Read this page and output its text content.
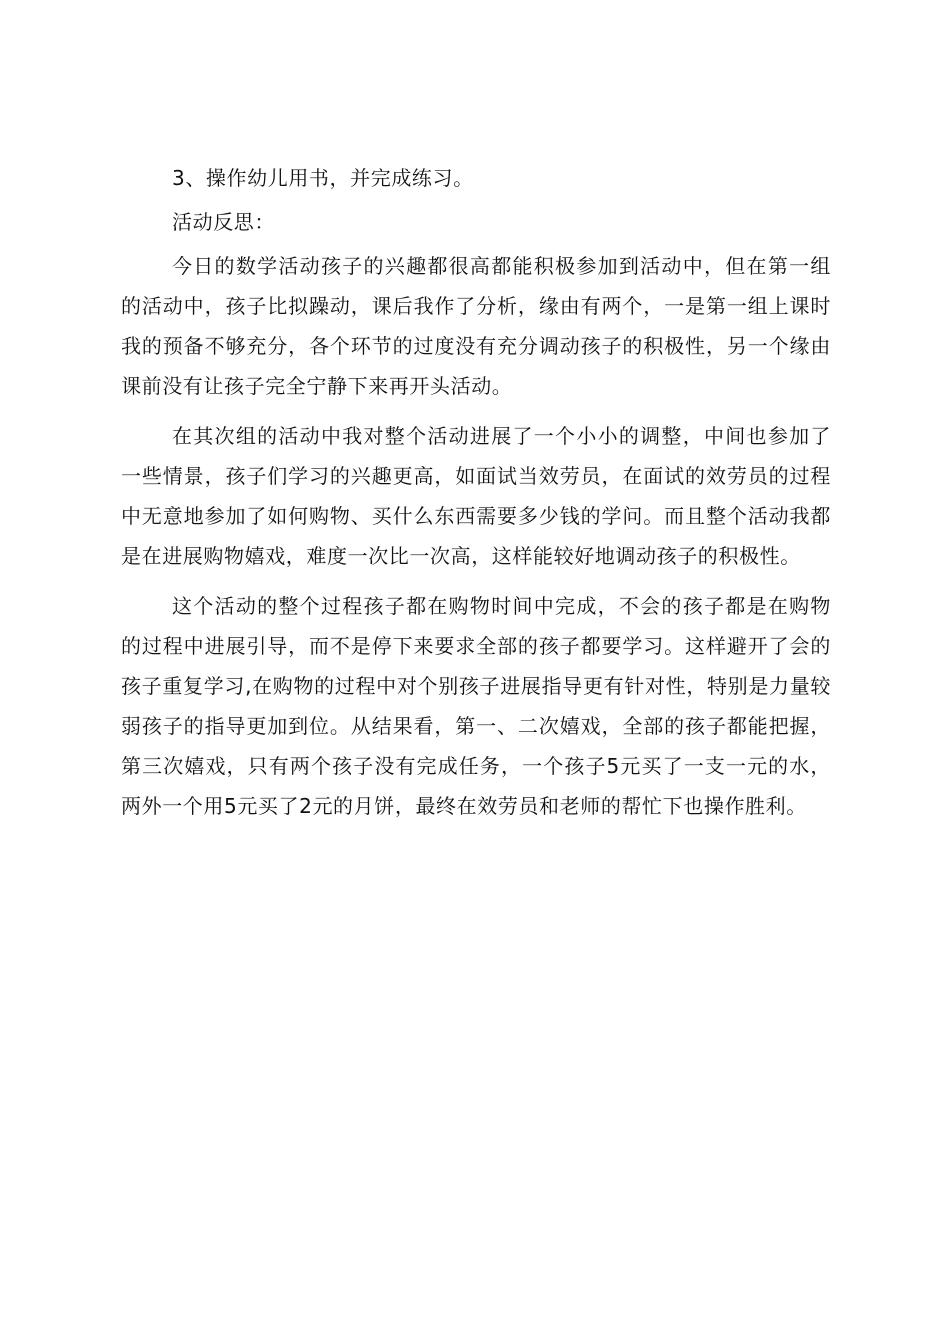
3、操作幼儿用书，并完成练习。

活动反思：

今日的数学活动孩子的兴趣都很高都能积极参加到活动中，但在第一组的活动中，孩子比拟躁动，课后我作了分析，缘由有两个，一是第一组上课时我的预备不够充分，各个环节的过度没有充分调动孩子的积极性，另一个缘由课前没有让孩子完全宁静下来再开头活动。

在其次组的活动中我对整个活动进展了一个小小的调整，中间也参加了一些情景，孩子们学习的兴趣更高，如面试当效劳员，在面试的效劳员的过程中无意地参加了如何购物、买什么东西需要多少钱的学问。而且整个活动我都是在进展购物嬉戏，难度一次比一次高，这样能较好地调动孩子的积极性。

这个活动的整个过程孩子都在购物时间中完成，不会的孩子都是在购物的过程中进展引导，而不是停下来要求全部的孩子都要学习。这样避开了会的孩子重复学习,在购物的过程中对个别孩子进展指导更有针对性，特别是力量较弱孩子的指导更加到位。从结果看，第一、二次嬉戏，全部的孩子都能把握，第三次嬉戏，只有两个孩子没有完成任务，一个孩子5元买了一支一元的水，两外一个用5元买了2元的月饼，最终在效劳员和老师的帮忙下也操作胜利。
